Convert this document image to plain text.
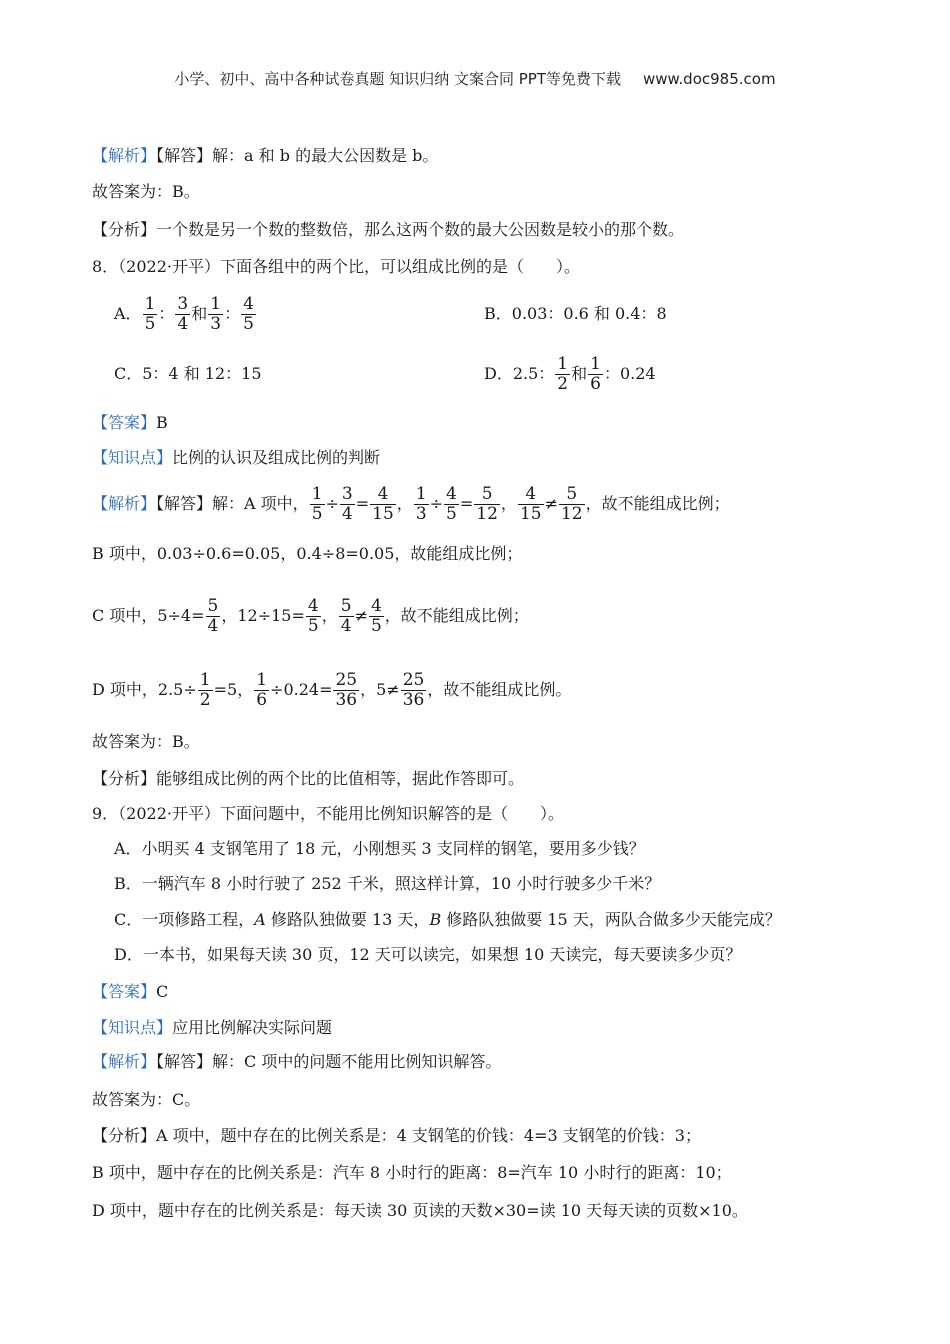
小学、初中、高中各种试卷真题 知识归纳 文案合同 PPT等免费下载 www.doc985.com
【解析】【解答】解：a 和 b 的最大公因数是 b。
故答案为：B。
【分析】一个数是另一个数的整数倍，那么这两个数的最大公因数是较小的那个数。
8．（2022·开平）下面各组中的两个比，可以组成比例的是（　　）。
A． $\frac{1}{5}$ ： $\frac{3}{4}$ 和 $\frac{1}{3}$ ： $\frac{4}{5}$	B．0.03：0.6 和 0.4：8
C．5：4 和 12：15	D．2.5： $\frac{1}{2}$ 和 $\frac{1}{6}$ ：0.24
【答案】B
【知识点】比例的认识及组成比例的判断
【解析】【解答】解：A 项中， $\frac{1}{5} \div \frac{3}{4} = \frac{4}{15}$ ， $\frac{1}{3} \div \frac{4}{5} = \frac{5}{12}$ ， $\frac{4}{15} \ne \frac{5}{12}$ ，故不能组成比例；
B 项中，0.03÷0.6=0.05，0.4÷8=0.05，故能组成比例；
C 项中，$5\div 4= \frac{5}{4}$ ，$12\div 15= \frac{4}{5}$ ， $\frac{5}{4} \ne \frac{4}{5}$ ，故不能组成比例；
D 项中，$2.5\div \frac{1}{2} =5$， $\frac{1}{6} \div 0.24= \frac{25}{36}$ ，$5\ne \frac{25}{36}$ ，故不能组成比例。
故答案为：B。
【分析】能够组成比例的两个比的比值相等，据此作答即可。
9．（2022·开平）下面问题中，不能用比例知识解答的是（　　）。
A．小明买 4 支钢笔用了 18 元，小刚想买 3 支同样的钢笔，要用多少钱？
B．一辆汽车 8 小时行驶了 252 千米，照这样计算，10 小时行驶多少千米？
C．一项修路工程，A 修路队独做要 13 天，B 修路队独做要 15 天，两队合做多少天能完成？
D．一本书，如果每天读 30 页，12 天可以读完，如果想 10 天读完，每天要读多少页？
【答案】C
【知识点】应用比例解决实际问题
【解析】【解答】解：C 项中的问题不能用比例知识解答。
故答案为：C。
【分析】A 项中，题中存在的比例关系是：4 支钢笔的价钱：4=3 支钢笔的价钱：3；
B 项中，题中存在的比例关系是：汽车 8 小时行的距离：8=汽车 10 小时行的距离：10；
D 项中，题中存在的比例关系是：每天读 30 页读的天数×30=读 10 天每天读的页数×10。
